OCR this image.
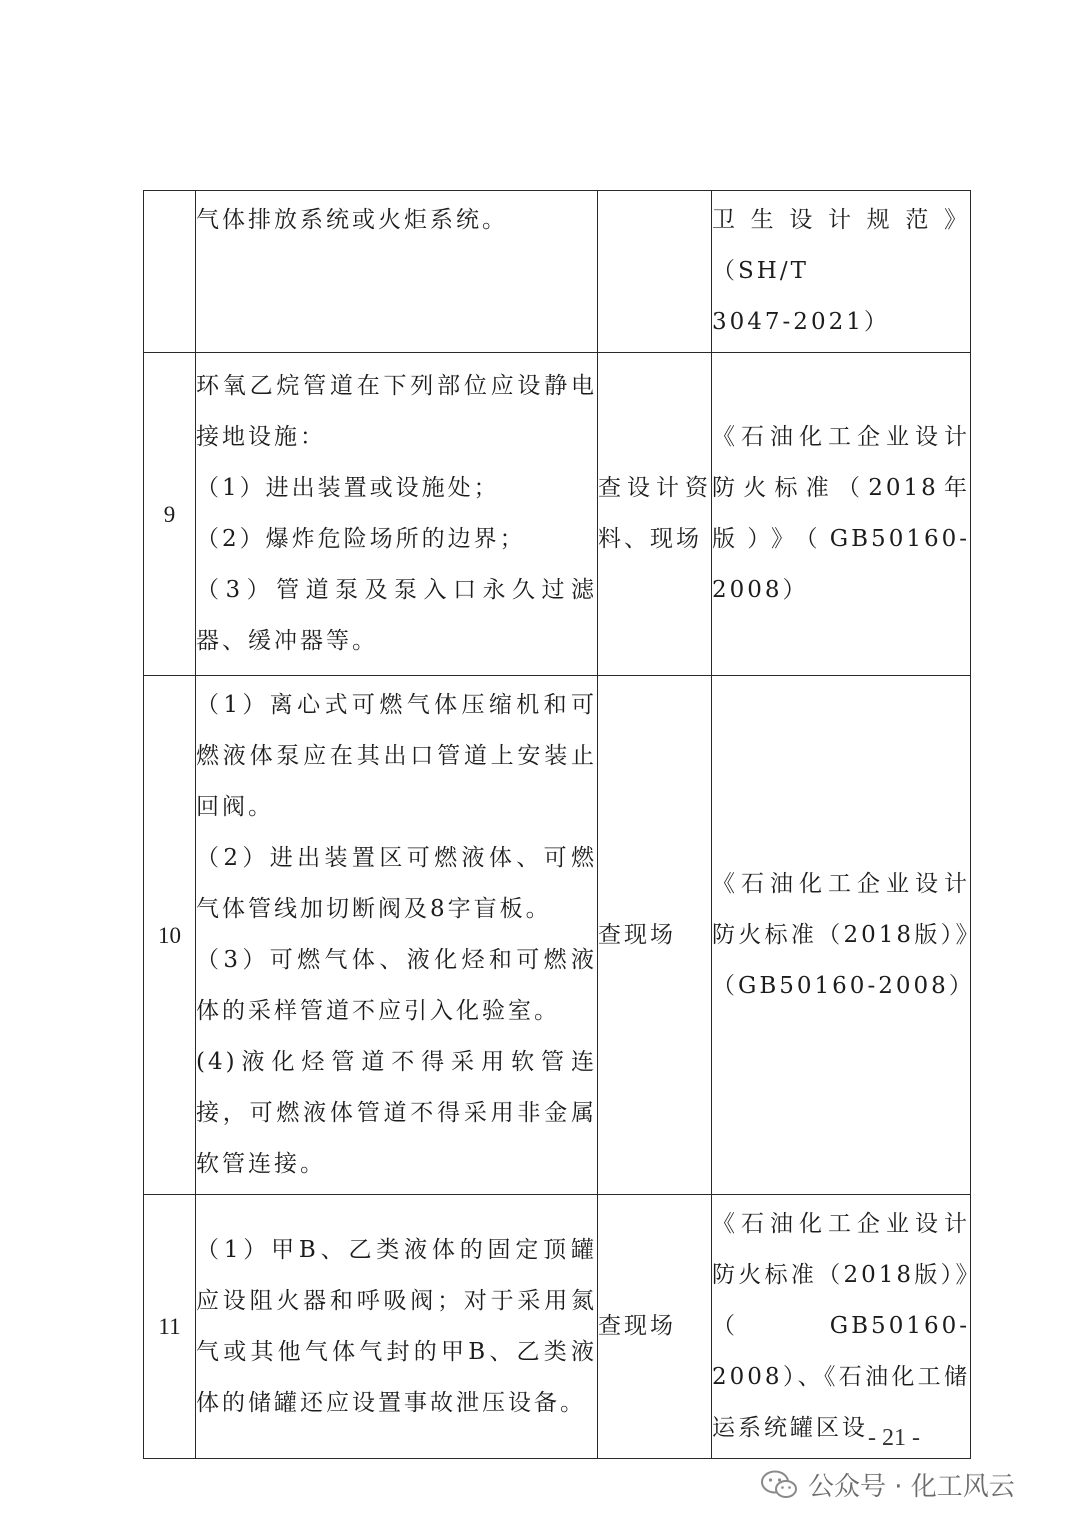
	气体排放系统或火炬系统。		卫生设计规范》（SH/T

3047-2021）

9	环氧乙烷管道在下列部位应设静电接地设施：

（1）进出装置或设施处；

（2）爆炸危险场所的边界；

（3）管道泵及泵入口永久过滤器、缓冲器等。	查设计资料、现场	《石油化工企业设计防火标准（2018年版）》（GB50160-2008）

10	（1）离心式可燃气体压缩机和可燃液体泵应在其出口管道上安装止回阀。

（2）进出装置区可燃液体、可燃气体管线加切断阀及8字盲板。

（3）可燃气体、液化烃和可燃液体的采样管道不应引入化验室。

(4)液化烃管道不得采用软管连接，可燃液体管道不得采用非金属软管连接。	查现场	《石油化工企业设计防火标准（2018版）》（GB50160-2008）

11	（1）甲B、乙类液体的固定顶罐应设阻火器和呼吸阀；对于采用氮气或其他气体气封的甲B、乙类液体的储罐还应设置事故泄压设备。	查现场	《石油化工企业设计防火标准（2018版）》（GB50160-2008）、《石油化工储运系统罐区设 - 21 -
公众号 · 化工风云
